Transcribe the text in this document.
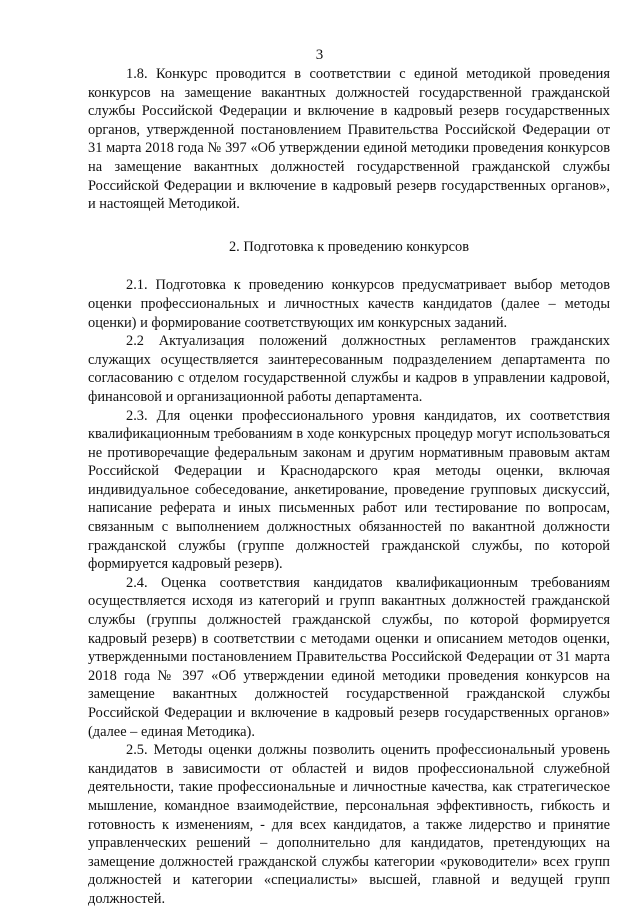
3

1.8. Конкурс проводится в соответствии с единой методикой проведения конкурсов на замещение вакантных должностей государственной гражданской службы Российской Федерации и включение в кадровый резерв государственных органов, утвержденной постановлением Правительства Российской Федерации от 31 марта 2018 года № 397 «Об утверждении единой методики проведения конкурсов на замещение вакантных должностей государственной гражданской службы Российской Федерации и включение в кадровый резерв государственных органов», и настоящей Методикой.

2. Подготовка к проведению конкурсов

2.1. Подготовка к проведению конкурсов предусматривает выбор методов оценки профессиональных и личностных качеств кандидатов (далее – методы оценки) и формирование соответствующих им конкурсных заданий.

2.2 Актуализация положений должностных регламентов гражданских служащих осуществляется заинтересованным подразделением департамента по согласованию с отделом государственной службы и кадров в управлении кадровой, финансовой и организационной работы департамента.

2.3. Для оценки профессионального уровня кандидатов, их соответствия квалификационным требованиям в ходе конкурсных процедур могут использоваться не противоречащие федеральным законам и другим нормативным правовым актам Российской Федерации и Краснодарского края методы оценки, включая индивидуальное собеседование, анкетирование, проведение групповых дискуссий, написание реферата и иных письменных работ или тестирование по вопросам, связанным с выполнением должностных обязанностей по вакантной должности гражданской службы (группе должностей гражданской службы, по которой формируется кадровый резерв).

2.4. Оценка соответствия кандидатов квалификационным требованиям осуществляется исходя из категорий и групп вакантных должностей гражданской службы (группы должностей гражданской службы, по которой формируется кадровый резерв) в соответствии с методами оценки и описанием методов оценки, утвержденными постановлением Правительства Российской Федерации от 31 марта 2018 года № 397 «Об утверждении единой методики проведения конкурсов на замещение вакантных должностей государственной гражданской службы Российской Федерации и включение в кадровый резерв государственных органов» (далее – единая Методика).

2.5. Методы оценки должны позволить оценить профессиональный уровень кандидатов в зависимости от областей и видов профессиональной служебной деятельности, такие профессиональные и личностные качества, как стратегическое мышление, командное взаимодействие, персональная эффективность, гибкость и готовность к изменениям, - для всех кандидатов, а также лидерство и принятие управленческих решений – дополнительно для кандидатов, претендующих на замещение должностей гражданской службы категории «руководители» всех групп должностей и категории «специалисты» высшей, главной и ведущей групп должностей.
